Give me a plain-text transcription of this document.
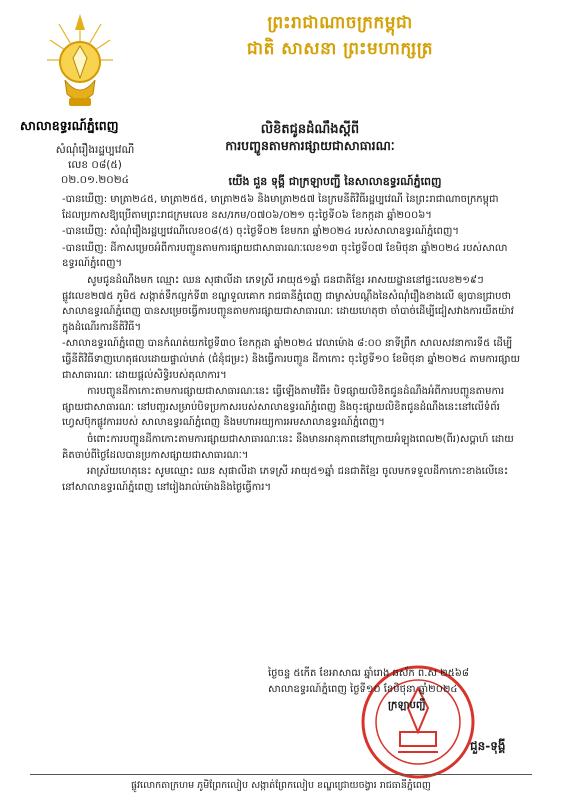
ព្រះរាជាណាចក្រកម្ពុជា
ជាតិ សាសនា ព្រះមហាក្សត្រ
សាលាឧទ្ធរណ៍ភ្នំពេញ
សំណុំរឿងរដ្ឋប្បវេណី
លេខ ០៨(៥)
០២.០១.២០២៤
លិខិតជូនដំណឹងស្តីពី
ការបញ្ចូនតាមការផ្សាយជាសាធារណៈ
យើង ជួន ទុង្គី ជាក្រឡាបញ្ជី នៃសាលាឧទ្ធរណ៍ភ្នំពេញ

-បានឃើញ: មាត្រា២៤៥, មាត្រា២៥៥, មាត្រា២៥៦ និងមាត្រា២៥៧ នៃក្រមនីតិវិធីរដ្ឋប្បវេណី នៃព្រះរាជាណាចក្រកម្ពុជា ដែលប្រកាសឱ្យប្រើតាមព្រះរាជក្រមលេខ នស/រកម/០៧០៦/០២១ ចុះថ្ងៃទី០៦ ខែកក្កដា ឆ្នាំ២០០៦។

-បានឃើញ: សំណុំរឿងរដ្ឋប្បវេណីលេខ០៨(៥) ចុះថ្ងៃទី០២ ខែមករា ឆ្នាំ២០២៤ របស់សាលាឧទ្ធរណ៍ភ្នំពេញ។

-បានឃើញ: ដីកាសម្រេចអំពីការបញ្ជូនតាមការផ្សាយជាសាធារណៈលេខ១៣ ចុះថ្ងៃទី០៧ ខែមិថុនា ឆ្នាំ២០២៤ របស់សាលាឧទ្ធរណ៍ភ្នំពេញ។

សូមជូនដំណឹងមក ឈ្មោះ ឈន សុផាលីដា ភេទស្រី អាយុ៥១ឆ្នាំ ជនជាតិខ្មែរ អាសយដ្ឋាននៅផ្ទះលេខ២១៩ៗ ផ្លូវលេខ២៧៥ ភូមិ៥ សង្កាត់ទឹកល្អក់ទី៣ ខណ្ឌទួលគោក រាជធានីភ្នំពេញ ជាម្ចាស់បណ្តឹងនៃសំណុំរឿងខាងលើ ឲ្យបានជ្រាបថា សាលាឧទ្ធរណ៍ភ្នំពេញ បានសម្រេចធ្វើការបញ្ជូនតាមការផ្សាយជាសាធារណៈ ដោយហេតុថា ចាំបាច់ដើម្បីជៀសវាងការយឺតយ៉ាវក្នុងដំណើរការនីតិវិធី។

-សាលាឧទ្ធរណ៍ភ្នំពេញ បានកំណត់យកថ្ងៃទី៣០ ខែកក្កដា ឆ្នាំ២០២៤ វេលាម៉ោង ៨:០០ នាទីព្រឹក សាលសវនាការទី៥ ដើម្បីធ្វើនីតិវិធីទាញហេតុផលដោយផ្ទាល់មាត់ (ជំនុំជម្រះ) និងធ្វើការបញ្ជូន ដីកាកោះ ចុះថ្ងៃទី១០ ខែមិថុនា ឆ្នាំ២០២៤ តាមការផ្សាយជាសាធារណៈ ដោយផ្តល់សិទ្ធិរបស់តុលាការ។

ការបញ្ចូនដីកាកោះតាមការផ្សាយជាសាធារណៈនេះ ធ្វើឡើងតាមវិធី៖ បិទផ្សាយលិខិតជូនដំណឹងអំពីការបញ្ជូនតាមការផ្សាយជាសាធារណៈ នៅបញ្ជរសម្រាប់បិទប្រកាសរបស់សាលាឧទ្ធរណ៍ភ្នំពេញ និងចុះផ្សាយលិខិតជូនដំណឹងនេះនៅលើទំព័រហ្វេសប៊ុកផ្លូវការរបស់ សាលាឧទ្ធរណ៍ភ្នំពេញ និងមហាអយ្យការអមសាលាឧទ្ធរណ៍ភ្នំពេញ។

ចំពោះការបញ្ជូនដីកាកោះតាមការផ្សាយជាសាធារណៈនេះ នឹងមានអានុភាពនៅក្រោយអំឡុងពេល២(ពីរ)សប្តាហ៍ ដោយគិតចាប់ពីថ្ងៃដែលបានប្រកាសផ្សាយជាសាធារណៈ។

អាស្រ័យហេតុនេះ សូមឈ្មោះ ឈន សុផាលីដា ភេទស្រី អាយុ៥១ឆ្នាំ ជនជាតិខ្មែរ ចូលមកទទួលដីកាកោះខាងលើនេះនៅសាលាឧទ្ធរណ៍ភ្នំពេញ នៅរៀងរាល់ម៉ោងនិងថ្ងៃធ្វើការ។

ថ្ងៃចន្ទ ៥កើត ខែអាសាឍ ឆ្នាំរោង ឆស័ក ព.ស ២៥៦៨
សាលាឧទ្ធរណ៍ភ្នំពេញ ថ្ងៃទី១០ ខែមិថុនា ឆ្នាំ២០២៤
ក្រឡាបញ្ជី
ជួន-ទុង្គី
ផ្លូវលោកតាក្រហម ភូមិព្រែកលៀប សង្កាត់ព្រែកលៀប ខណ្ឌជ្រោយចង្វារ រាជធានីភ្នំពេញ
